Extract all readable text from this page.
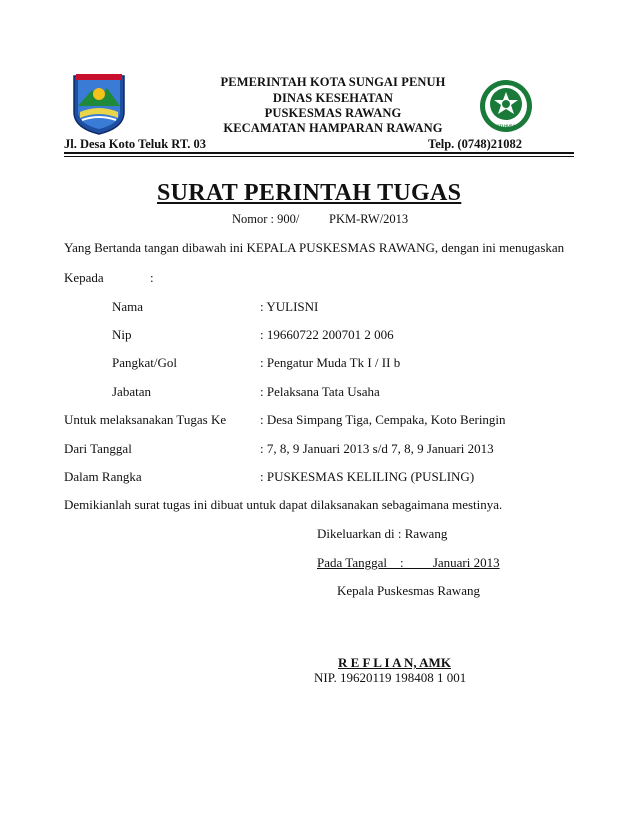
BAKTI HUSADA
PEMERINTAH KOTA SUNGAI PENUH
DINAS KESEHATAN
PUSKESMAS RAWANG
KECAMATAN HAMPARAN RAWANG
Jl. Desa Koto Teluk RT. 03	Telp. (0748)21082
SURAT PERINTAH TUGAS
Nomor : 900/ PKM-RW/2013
Yang Bertanda tangan dibawah ini KEPALA PUSKESMAS RAWANG, dengan ini menugaskan
Kepada	:
Nama	: YULISNI
Nip	: 19660722 200701 2 006
Pangkat/Gol	: Pengatur Muda Tk I / II b
Jabatan	: Pelaksana Tata Usaha
Untuk melaksanakan Tugas Ke	: Desa Simpang Tiga, Cempaka, Koto Beringin
Dari Tanggal	: 7, 8, 9 Januari 2013 s/d 7, 8, 9 Januari 2013
Dalam Rangka	: PUSKESMAS KELILING (PUSLING)
Demikianlah surat tugas ini dibuat untuk dapat dilaksanakan sebagaimana mestinya.
Dikeluarkan di : Rawang
Pada Tanggal    :         Januari 2013
Kepala Puskesmas Rawang
R E F L I A N, AMK
NIP. 19620119 198408 1 001
